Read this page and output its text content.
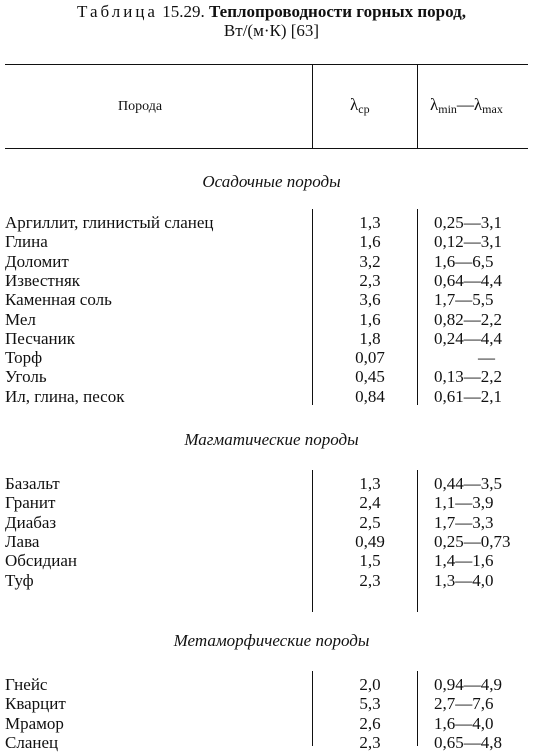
Таблица 15.29. Теплопроводности горных пород,
Вт/(м·К) [63]
Порода	$\lambda_{ср}$	$\lambda_{min}—\lambda_{max}$
Осадочные породы
Аргиллит, глинистый сланец	1,3	0,25—3,1
Глина	1,6	0,12—3,1
Доломит	3,2	1,6—6,5
Известняк	2,3	0,64—4,4
Каменная соль	3,6	1,7—5,5
Мел	1,6	0,82—2,2
Песчаник	1,8	0,24—4,4
Торф	0,07	—
Уголь	0,45	0,13—2,2
Ил, глина, песок	0,84	0,61—2,1
Магматические породы
Базальт	1,3	0,44—3,5
Гранит	2,4	1,1—3,9
Диабаз	2,5	1,7—3,3
Лава	0,49	0,25—0,73
Обсидиан	1,5	1,4—1,6
Туф	2,3	1,3—4,0
Метаморфические породы
Гнейс	2,0	0,94—4,9
Кварцит	5,3	2,7—7,6
Мрамор	2,6	1,6—4,0
Сланец	2,3	0,65—4,8
